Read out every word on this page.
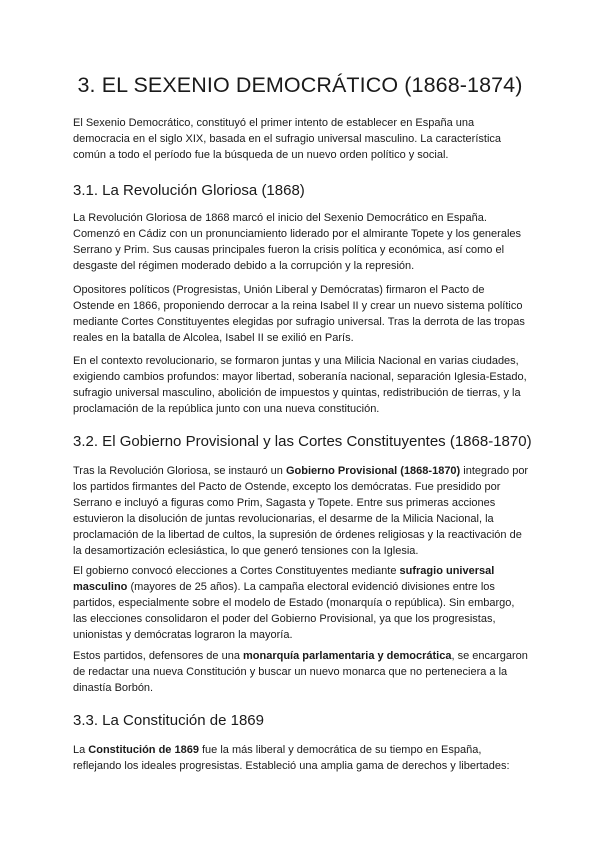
3. EL SEXENIO DEMOCRÁTICO (1868-1874)

El Sexenio Democrático, constituyó el primer intento de establecer en España una democracia en el siglo XIX, basada en el sufragio universal masculino. La característica común a todo el período fue la búsqueda de un nuevo orden político y social.

3.1. La Revolución Gloriosa (1868)

La Revolución Gloriosa de 1868 marcó el inicio del Sexenio Democrático en España. Comenzó en Cádiz con un pronunciamiento liderado por el almirante Topete y los generales Serrano y Prim. Sus causas principales fueron la crisis política y económica, así como el desgaste del régimen moderado debido a la corrupción y la represión.

Opositores políticos (Progresistas, Unión Liberal y Demócratas) firmaron el Pacto de Ostende en 1866, proponiendo derrocar a la reina Isabel II y crear un nuevo sistema político mediante Cortes Constituyentes elegidas por sufragio universal. Tras la derrota de las tropas reales en la batalla de Alcolea, Isabel II se exilió en París.

En el contexto revolucionario, se formaron juntas y una Milicia Nacional en varias ciudades, exigiendo cambios profundos: mayor libertad, soberanía nacional, separación Iglesia-Estado, sufragio universal masculino, abolición de impuestos y quintas, redistribución de tierras, y la proclamación de la república junto con una nueva constitución.

3.2. El Gobierno Provisional y las Cortes Constituyentes (1868-1870)

Tras la Revolución Gloriosa, se instauró un Gobierno Provisional (1868-1870) integrado por los partidos firmantes del Pacto de Ostende, excepto los demócratas. Fue presidido por Serrano e incluyó a figuras como Prim, Sagasta y Topete. Entre sus primeras acciones estuvieron la disolución de juntas revolucionarias, el desarme de la Milicia Nacional, la proclamación de la libertad de cultos, la supresión de órdenes religiosas y la reactivación de la desamortización eclesiástica, lo que generó tensiones con la Iglesia.

El gobierno convocó elecciones a Cortes Constituyentes mediante sufragio universal masculino (mayores de 25 años). La campaña electoral evidenció divisiones entre los partidos, especialmente sobre el modelo de Estado (monarquía o república). Sin embargo, las elecciones consolidaron el poder del Gobierno Provisional, ya que los progresistas, unionistas y demócratas lograron la mayoría.

Estos partidos, defensores de una monarquía parlamentaria y democrática, se encargaron de redactar una nueva Constitución y buscar un nuevo monarca que no perteneciera a la dinastía Borbón.

3.3. La Constitución de 1869

La Constitución de 1869 fue la más liberal y democrática de su tiempo en España, reflejando los ideales progresistas. Estableció una amplia gama de derechos y libertades:
